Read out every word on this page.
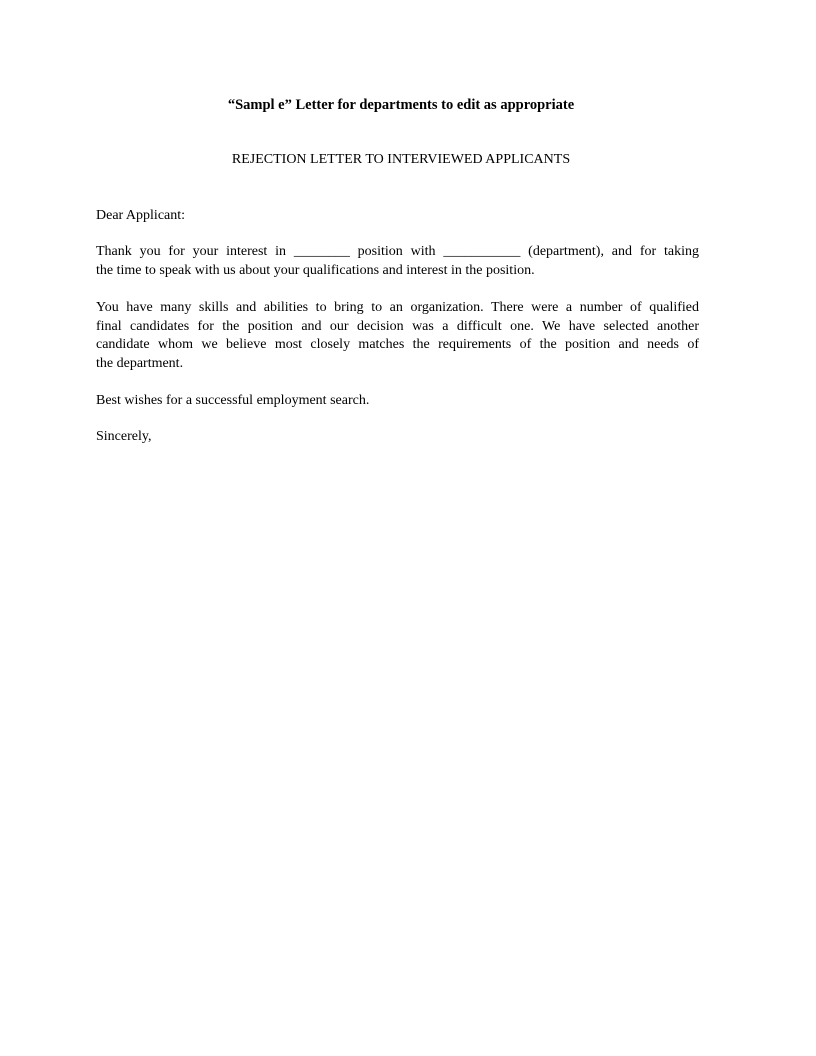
“Sampl e” Letter for departments to edit as appropriate
REJECTION LETTER TO INTERVIEWED APPLICANTS
Dear Applicant:
Thank you for your interest in ________ position with ___________ (department), and for taking
the time to speak with us about your qualifications and interest in the position.
You have many skills and abilities to bring to an organization. There were a number of qualified
final candidates for the position and our decision was a difficult one. We have selected another
candidate whom we believe most closely matches the requirements of the position and needs of
the department.
Best wishes for a successful employment search.
Sincerely,
